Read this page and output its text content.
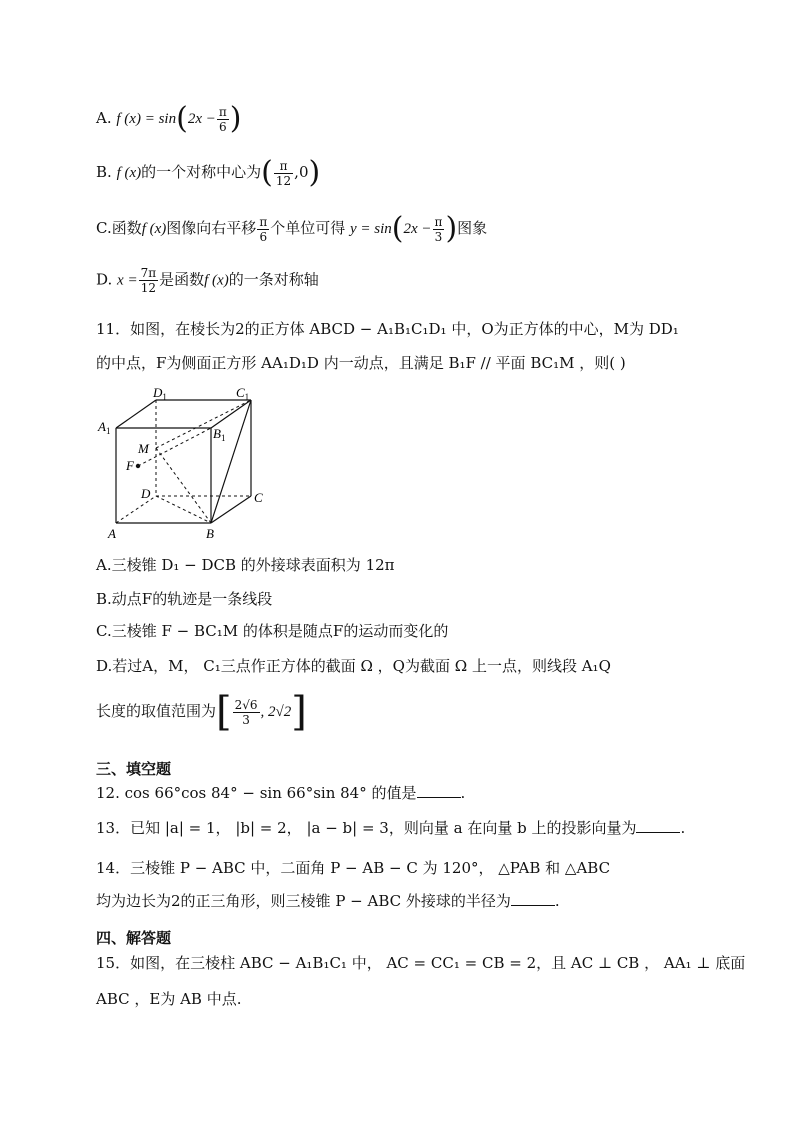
A. f $(x) = \sin(2x - \frac{\pi}{6}$ )
B. f (x)的一个对称中心为( $\frac{\pi}{12} ,0$)
C.函数f (x)图像向右平移 $\frac{\pi}{6}$ 个单位可得 $y = \sin(2x - \frac{\pi}{3}$ )图象
D. $x = \frac{7\pi}{12}$ 是函数f (x)的一条对称轴
11．如图，在棱长为2的正方体 ABCD − A₁B₁C₁D₁ 中，O为正方体的中心，M为 DD₁
的中点，F为侧面正方形 AA₁D₁D 内一动点，且满足 B₁F // 平面 BC₁M ，则( )
$D_1$	$C_1$
$A_1$	$B_1$
M
F
D	C
A	B
A.三棱锥 D₁ − DCB 的外接球表面积为 12π
B.动点F的轨迹是一条线段
C.三棱锥 F − BC₁M 的体积是随点F的运动而变化的
D.若过A，M， C₁三点作正方体的截面 Ω ，Q为截面 Ω 上一点，则线段 A₁Q
长度的取值范围为[ $\frac{2√6}{3}$ , 2√2]
三、填空题
12. cos 66°cos 84° − sin 66°sin 84° 的值是	.
13．已知 |a| = 1， |b| = 2， |a − b| = 3，则向量 a 在向量 b 上的投影向量为	.
14．三棱锥 P − ABC 中，二面角 P − AB − C 为 120°， △PAB 和 △ABC
均为边长为2的正三角形，则三棱锥 P − ABC 外接球的半径为	.
四、解答题
15．如图，在三棱柱 ABC − A₁B₁C₁ 中， AC = CC₁ = CB = 2，且 AC ⊥ CB ， AA₁ ⊥ 底面
ABC ，E为 AB 中点.
